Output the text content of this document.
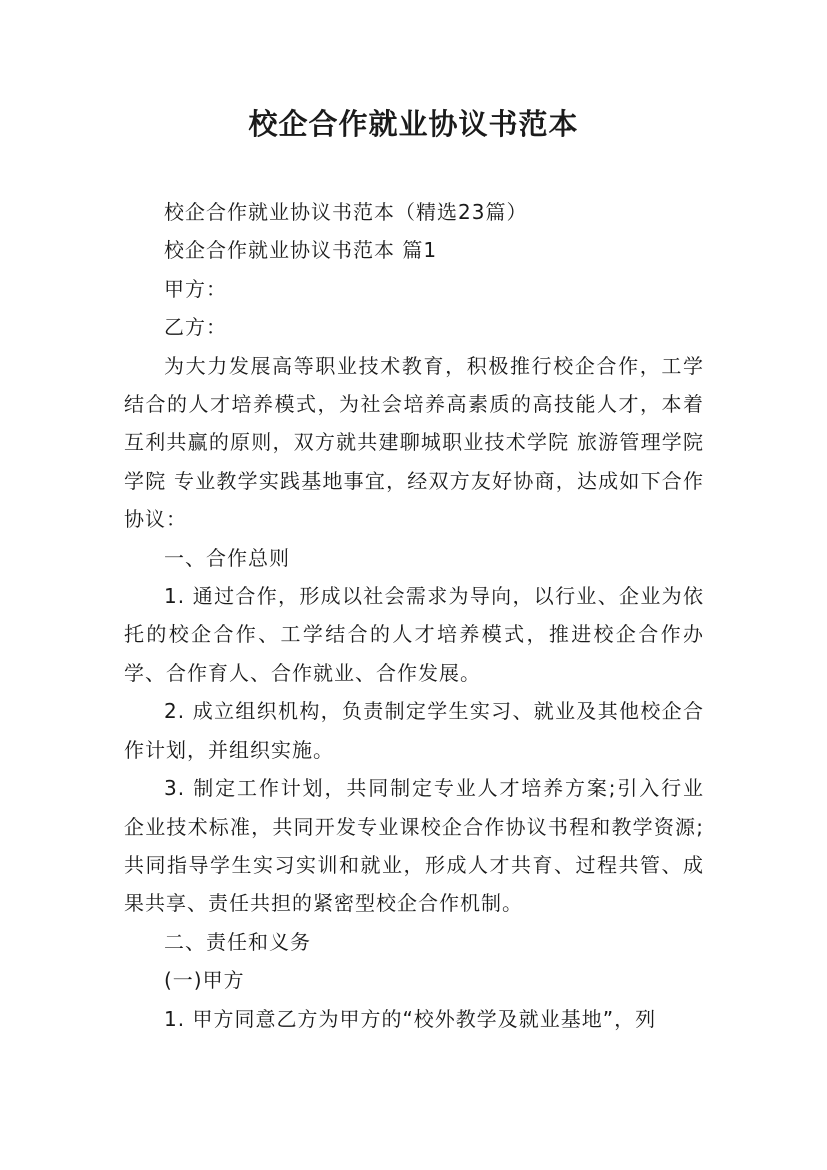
校企合作就业协议书范本

校企合作就业协议书范本（精选23篇）

校企合作就业协议书范本 篇1

甲方：

乙方：

为大力发展高等职业技术教育，积极推行校企合作，工学结合的人才培养模式，为社会培养高素质的高技能人才，本着互利共赢的原则，双方就共建聊城职业技术学院 旅游管理学院 学院 专业教学实践基地事宜，经双方友好协商，达成如下合作协议：

一、合作总则

1. 通过合作，形成以社会需求为导向，以行业、企业为依托的校企合作、工学结合的人才培养模式，推进校企合作办学、合作育人、合作就业、合作发展。

2. 成立组织机构，负责制定学生实习、就业及其他校企合作计划，并组织实施。

3. 制定工作计划，共同制定专业人才培养方案;引入行业企业技术标准，共同开发专业课校企合作协议书程和教学资源;共同指导学生实习实训和就业，形成人才共育、过程共管、成果共享、责任共担的紧密型校企合作机制。

二、责任和义务

(一)甲方

1. 甲方同意乙方为甲方的“校外教学及就业基地”，列
